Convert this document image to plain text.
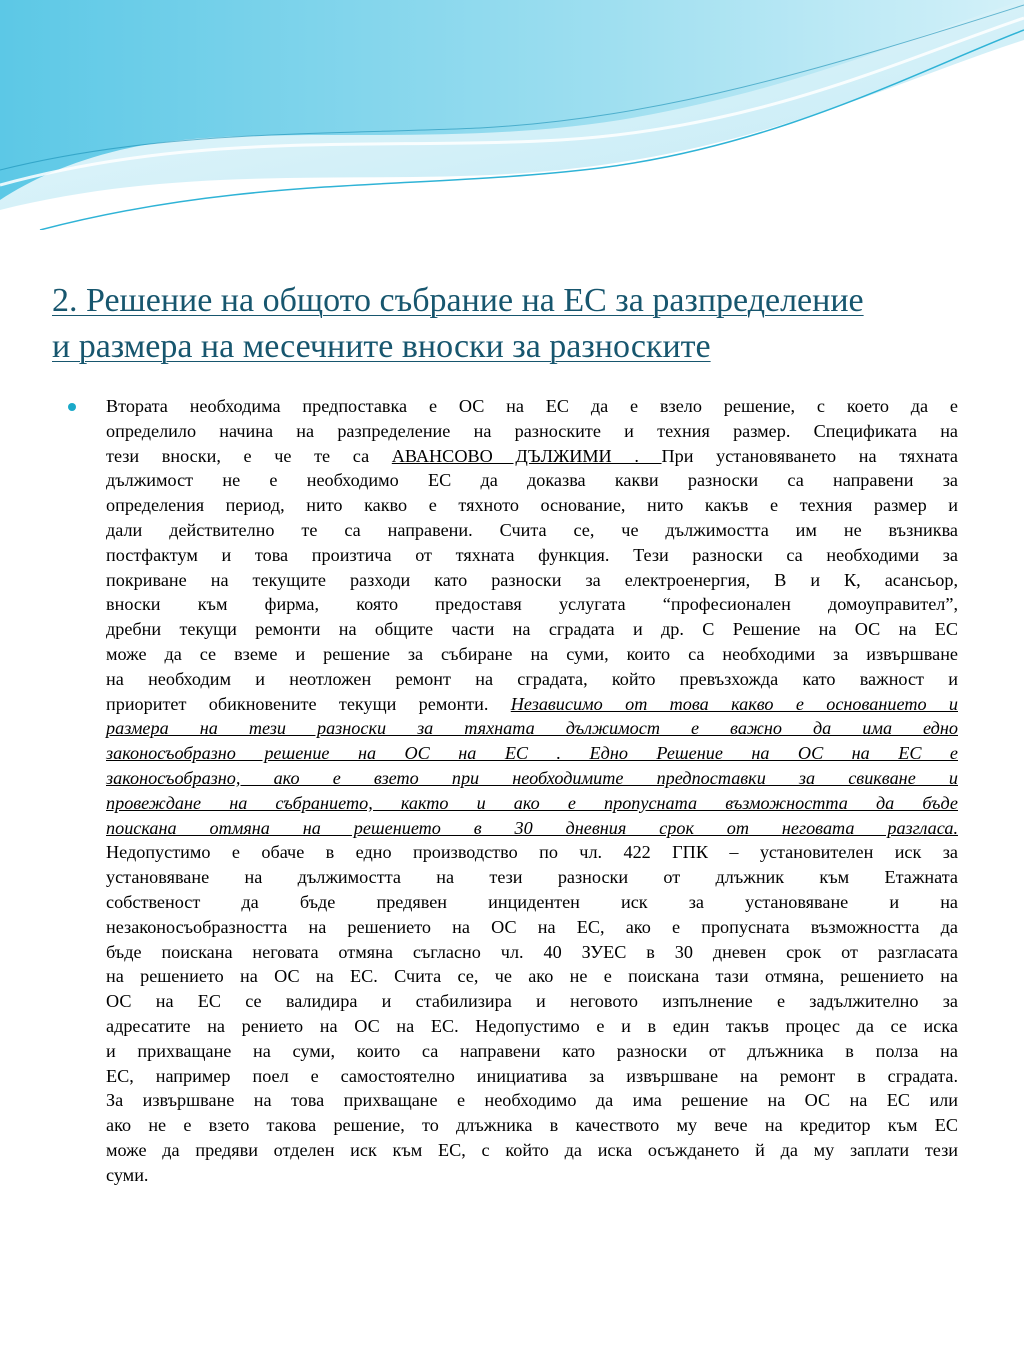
2. Решение на общото събрание на ЕС за разпределение
и размера на месечните вноски за разноските
Втората необходима предпоставка е ОС на ЕС да е взело решение, с което да е
определило начина на разпределение на разноските и техния размер. Спецификата на
тези вноски, е че те са АВАНСОВО ДЪЛЖИМИ . При установяването на тяхната
дължимост не е необходимо ЕС да доказва какви разноски са направени за
определения период, нито какво е тяхното основание, нито какъв е техния размер и
дали действително те са направени. Счита се, че дължимостта им не възниква
постфактум и това произтича от тяхната функция. Тези разноски са необходими за
покриване на текущите разходи като разноски за електроенергия, В и К, асансьор,
вноски към фирма, която предоставя услугата “професионален домоуправител”,
дребни текущи ремонти на общите части на сградата и др. С Решение на ОС на ЕС
може да се вземе и решение за събиране на суми, които са необходими за извършване
на необходим и неотложен ремонт на сградата, който превъзхожда като важност и
приоритет обикновените текущи ремонти. Независимо от това какво е основанието и
размера на тези разноски за тяхната дължимост е важно да има едно
законосъобразно решение на ОС на ЕС . Едно Решение на ОС на ЕС е
законосъобразно, ако е взето при необходимите предпоставки за свикване и
провеждане на събранието, както и ако е пропусната възможността да бъде
поискана отмяна на решението в 30 дневния срок от неговата разгласа.
Недопустимо е обаче в едно производство по чл. 422 ГПК – установителен иск за
установяване на дължимостта на тези разноски от длъжник към Етажната
собственост да бъде предявен инцидентен иск за установяване и на
незаконосъобразността на решението на ОС на ЕС, ако е пропусната възможността да
бъде поискана неговата отмяна съгласно чл. 40 ЗУЕС в 30 дневен срок от разгласата
на решението на ОС на ЕС. Счита се, че ако не е поискана тази отмяна, решението на
ОС на ЕС се валидира и стабилизира и неговото изпълнение е задължително за
адресатите на рението на ОС на ЕС. Недопустимо е и в един такъв процес да се иска
и прихващане на суми, които са направени като разноски от длъжника в полза на
ЕС, например поел е самостоятелно инициатива за извършване на ремонт в сградата.
За извършване на това прихващане е необходимо да има решение на ОС на ЕС или
ако не е взето такова решение, то длъжника в качеството му вече на кредитор към ЕС
може да предяви отделен иск към ЕС, с който да иска осъждането й да му заплати тези
суми.
